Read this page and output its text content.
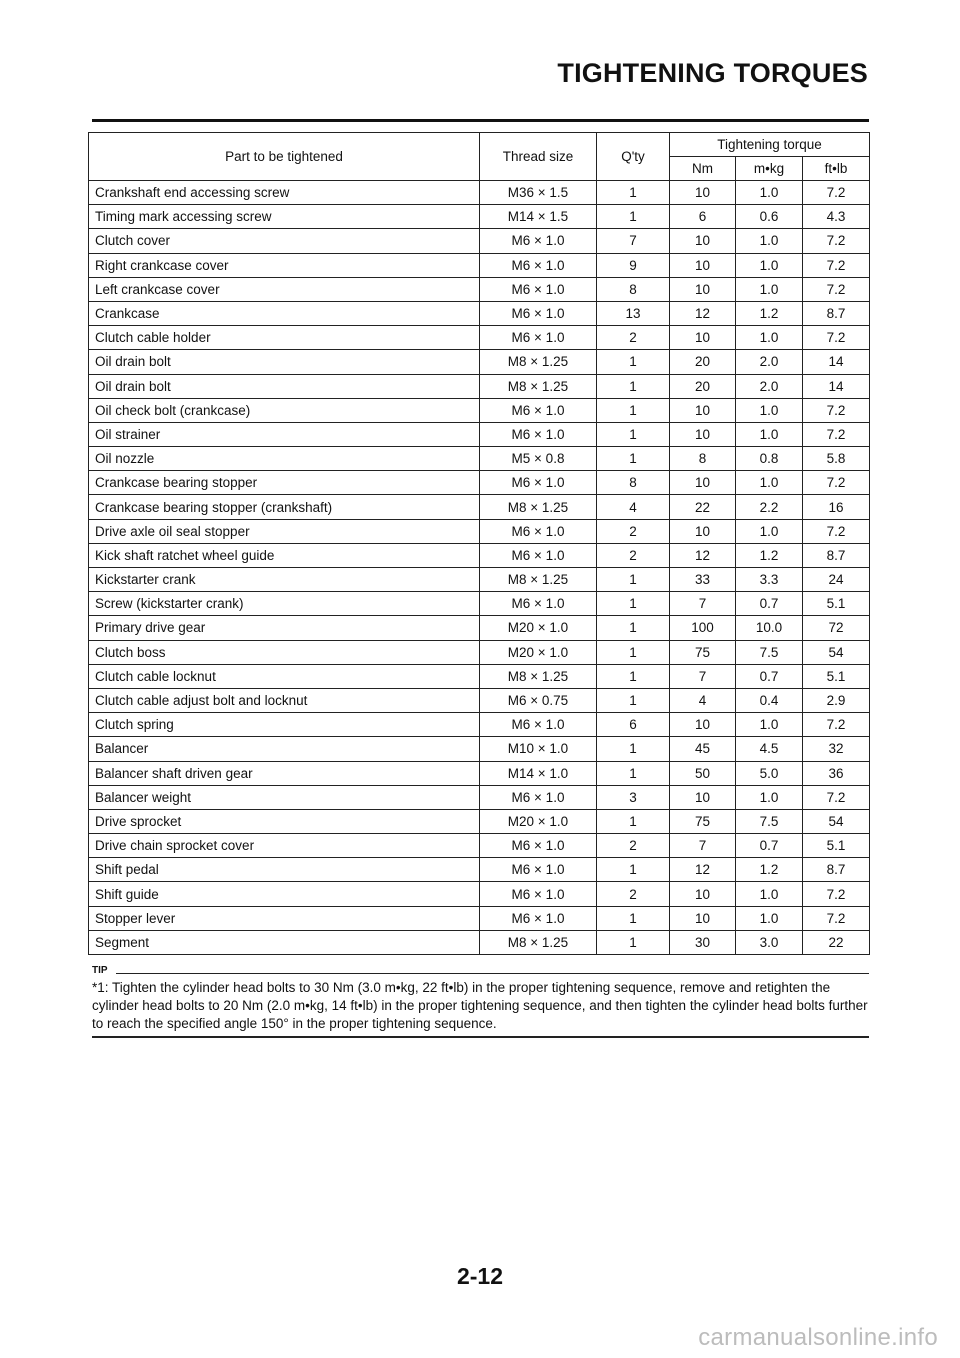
TIGHTENING TORQUES
Part to be tightened	Thread size	Q'ty	Tightening torque		
			Nm	m•kg	ft•lb
Crankshaft end accessing screw	M36 × 1.5	1	10	1.0	7.2
Timing mark accessing screw	M14 × 1.5	1	6	0.6	4.3
Clutch cover	M6 × 1.0	7	10	1.0	7.2
Right crankcase cover	M6 × 1.0	9	10	1.0	7.2
Left crankcase cover	M6 × 1.0	8	10	1.0	7.2
Crankcase	M6 × 1.0	13	12	1.2	8.7
Clutch cable holder	M6 × 1.0	2	10	1.0	7.2
Oil drain bolt	M8 × 1.25	1	20	2.0	14
Oil drain bolt	M8 × 1.25	1	20	2.0	14
Oil check bolt (crankcase)	M6 × 1.0	1	10	1.0	7.2
Oil strainer	M6 × 1.0	1	10	1.0	7.2
Oil nozzle	M5 × 0.8	1	8	0.8	5.8
Crankcase bearing stopper	M6 × 1.0	8	10	1.0	7.2
Crankcase bearing stopper (crankshaft)	M8 × 1.25	4	22	2.2	16
Drive axle oil seal stopper	M6 × 1.0	2	10	1.0	7.2
Kick shaft ratchet wheel guide	M6 × 1.0	2	12	1.2	8.7
Kickstarter crank	M8 × 1.25	1	33	3.3	24
Screw (kickstarter crank)	M6 × 1.0	1	7	0.7	5.1
Primary drive gear	M20 × 1.0	1	100	10.0	72
Clutch boss	M20 × 1.0	1	75	7.5	54
Clutch cable locknut	M8 × 1.25	1	7	0.7	5.1
Clutch cable adjust bolt and locknut	M6 × 0.75	1	4	0.4	2.9
Clutch spring	M6 × 1.0	6	10	1.0	7.2
Balancer	M10 × 1.0	1	45	4.5	32
Balancer shaft driven gear	M14 × 1.0	1	50	5.0	36
Balancer weight	M6 × 1.0	3	10	1.0	7.2
Drive sprocket	M20 × 1.0	1	75	7.5	54
Drive chain sprocket cover	M6 × 1.0	2	7	0.7	5.1
Shift pedal	M6 × 1.0	1	12	1.2	8.7
Shift guide	M6 × 1.0	2	10	1.0	7.2
Stopper lever	M6 × 1.0	1	10	1.0	7.2
Segment	M8 × 1.25	1	30	3.0	22
TIP

*1: Tighten the cylinder head bolts to 30 Nm (3.0 m•kg, 22 ft•lb) in the proper tightening sequence, remove and retighten the cylinder head bolts to 20 Nm (2.0 m•kg, 14 ft•lb) in the proper tightening sequence, and then tighten the cylinder head bolts further to reach the specified angle 150° in the proper tightening sequence.

2-12
carmanualsonline.info
